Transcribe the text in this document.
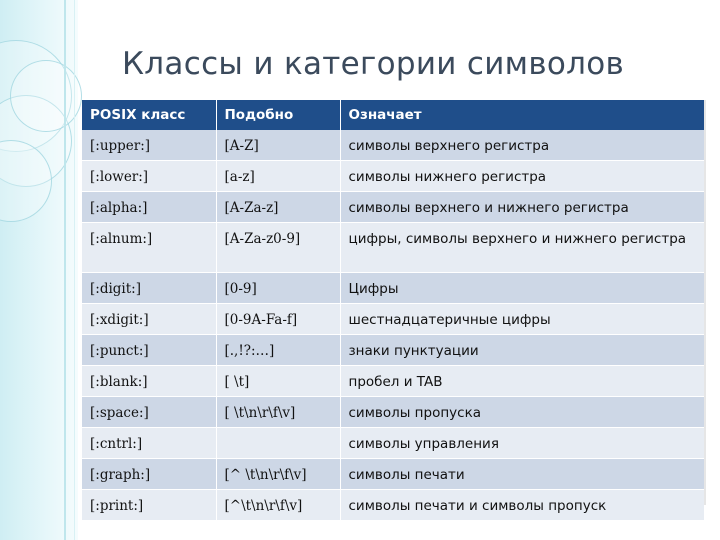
Классы и категории символов
POSIX класс	Подобно	Означает
[:upper:]	[A-Z]	символы верхнего регистра
[:lower:]	[a-z]	символы нижнего регистра
[:alpha:]	[A-Za-z]	символы верхнего и нижнего регистра
[:alnum:]	[A-Za-z0-9]	цифры, символы верхнего и нижнего регистра
[:digit:]	[0-9]	Цифры
[:xdigit:]	[0-9A-Fa-f]	шестнадцатеричные цифры
[:punct:]	[.,!?:…]	знаки пунктуации
[:blank:]	[ \t]	пробел и TAB
[:space:]	[ \t\n\r\f\v]	символы пропуска
[:cntrl:]		символы управления
[:graph:]	[^ \t\n\r\f\v]	символы печати
[:print:]	[^\t\n\r\f\v]	символы печати и символы пропуск
